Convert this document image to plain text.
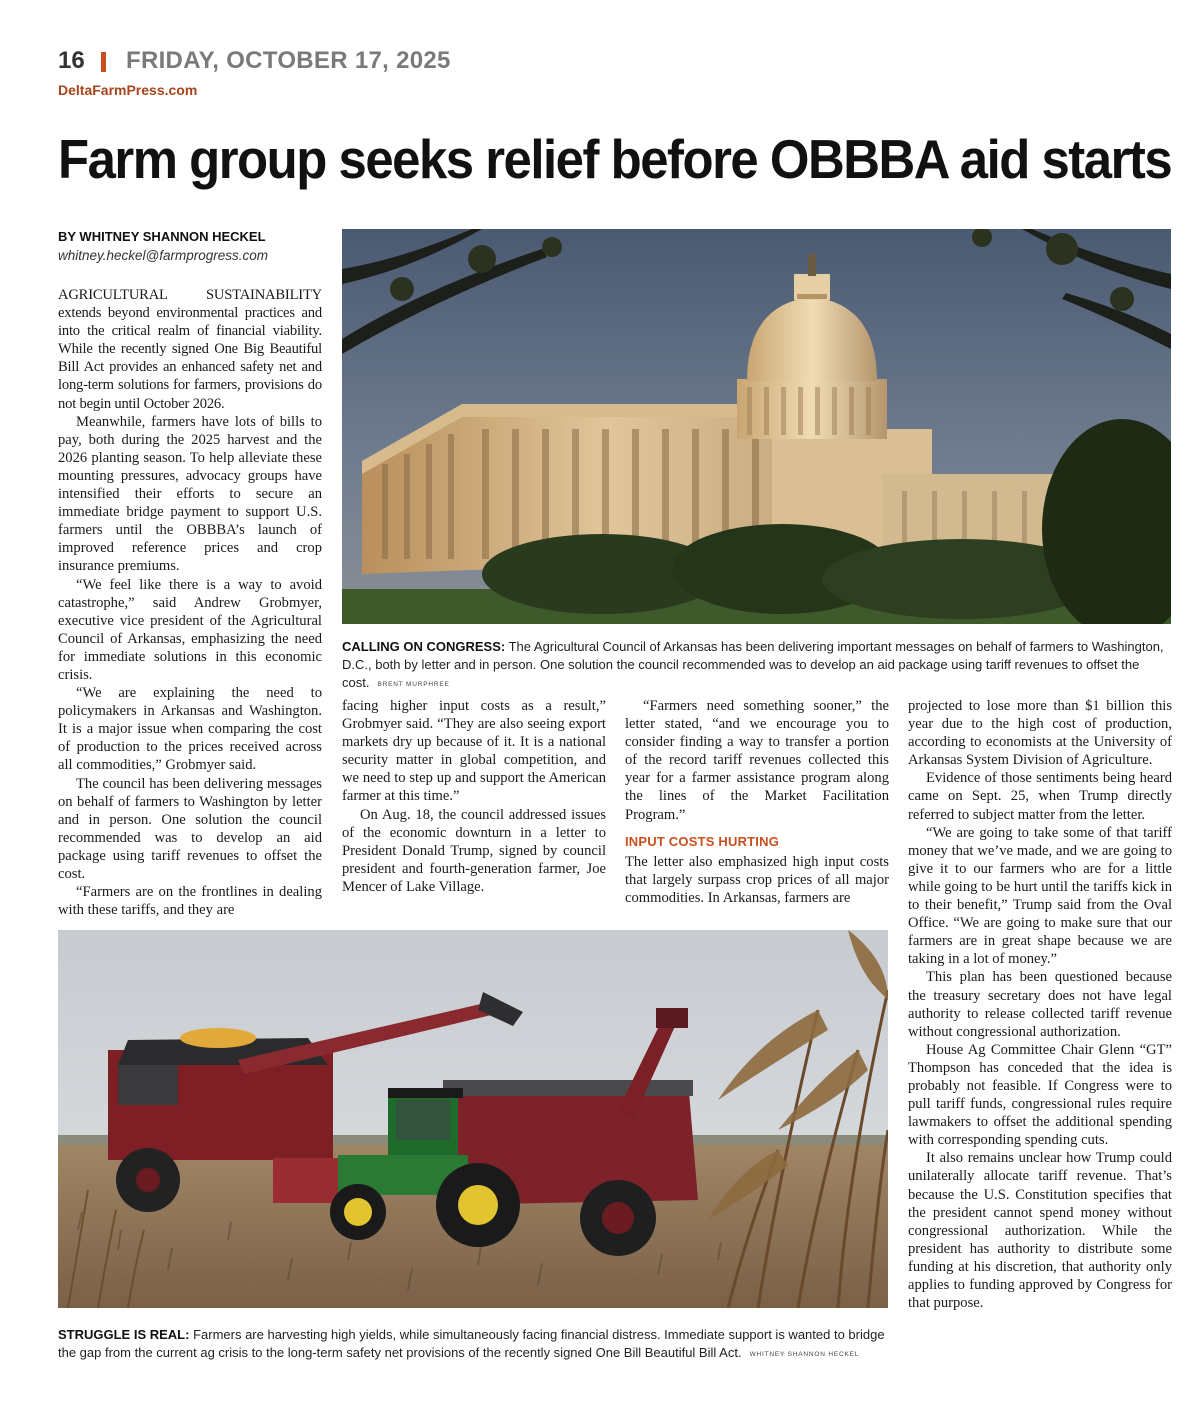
16 FRIDAY, OCTOBER 17, 2025
DeltaFarmPress.com
Farm group seeks relief before OBBBA aid starts
BY WHITNEY SHANNON HECKEL
whitney.heckel@farmprogress.com

AGRICULTURAL SUSTAINABILITY extends beyond environmental practices and into the critical realm of financial viability. While the recently signed One Big Beautiful Bill Act provides an enhanced safety net and long-term solutions for farmers, provisions do not begin until October 2026.

Meanwhile, farmers have lots of bills to pay, both during the 2025 harvest and the 2026 planting season. To help alleviate these mounting pressures, advocacy groups have intensified their efforts to secure an immediate bridge payment to support U.S. farmers until the OBBBA’s launch of improved reference prices and crop insurance premiums.

“We feel like there is a way to avoid catastrophe,” said Andrew Grobmyer, executive vice president of the Agricultural Council of Arkansas, emphasizing the need for immediate solutions in this economic crisis.

“We are explaining the need to policymakers in Arkansas and Washington. It is a major issue when comparing the cost of production to the prices received across all commodities,” Grobmyer said.

The council has been delivering messages on behalf of farmers to Washington by letter and in person. One solution the council recommended was to develop an aid package using tariff revenues to offset the cost.

“Farmers are on the frontlines in dealing with these tariffs, and they are

CALLING ON CONGRESS: The Agricultural Council of Arkansas has been delivering important messages on behalf of farmers to Washington, D.C., both by letter and in person. One solution the council recommended was to develop an aid package using tariff revenues to offset the cost. BRENT MURPHREE

facing higher input costs as a result,” Grobmyer said. “They are also seeing export markets dry up because of it. It is a national security matter in global competition, and we need to step up and support the American farmer at this time.”

On Aug. 18, the council addressed issues of the economic downturn in a letter to President Donald Trump, signed by council president and fourth-generation farmer, Joe Mencer of Lake Village.

“Farmers need something sooner,” the letter stated, “and we encourage you to consider finding a way to transfer a portion of the record tariff revenues collected this year for a farmer assistance program along the lines of the Market Facilitation Program.”

INPUT COSTS HURTING

The letter also emphasized high input costs that largely surpass crop prices of all major commodities. In Arkansas, farmers are

projected to lose more than $1 billion this year due to the high cost of production, according to economists at the University of Arkansas System Division of Agriculture.

Evidence of those sentiments being heard came on Sept. 25, when Trump directly referred to subject matter from the letter.

“We are going to take some of that tariff money that we’ve made, and we are going to give it to our farmers who are for a little while going to be hurt until the tariffs kick in to their benefit,” Trump said from the Oval Office. “We are going to make sure that our farmers are in great shape because we are taking in a lot of money.”

This plan has been questioned because the treasury secretary does not have legal authority to release collected tariff revenue without congressional authorization.

House Ag Committee Chair Glenn “GT” Thompson has conceded that the idea is probably not feasible. If Congress were to pull tariff funds, congressional rules require lawmakers to offset the additional spending with corresponding spending cuts.

It also remains unclear how Trump could unilaterally allocate tariff revenue. That’s because the U.S. Constitution specifies that the president cannot spend money without congressional authorization. While the president has authority to distribute some funding at his discretion, that authority only applies to funding approved by Congress for that purpose.

STRUGGLE IS REAL: Farmers are harvesting high yields, while simultaneously facing financial distress. Immediate support is wanted to bridge the gap from the current ag crisis to the long-term safety net provisions of the recently signed One Bill Beautiful Bill Act. WHITNEY SHANNON HECKEL
